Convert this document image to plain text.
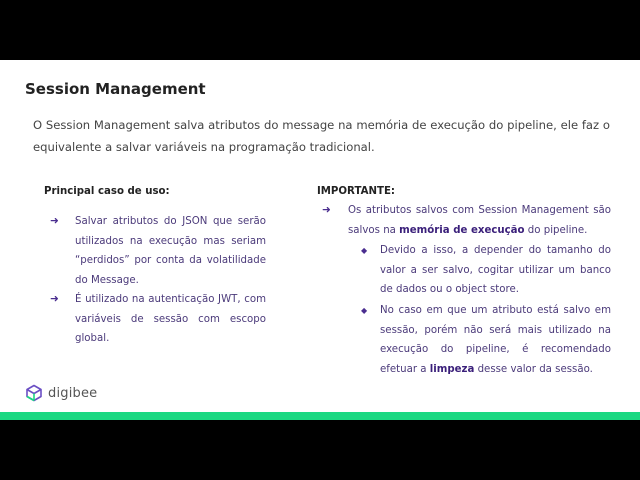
Session Management

O Session Management salva atributos do message na memória de execução do pipeline, ele faz o equivalente a salvar variáveis na programação tradicional.

Principal caso de uso:

➜ Salvar atributos do JSON que serão utilizados na execução mas seriam “perdidos” por conta da volatilidade do Message.
➜ É utilizado na autenticação JWT, com variáveis de sessão com escopo global.

IMPORTANTE:

➜ Os atributos salvos com Session Management são salvos na memória de execução do pipeline.
◆ Devido a isso, a depender do tamanho do valor a ser salvo, cogitar utilizar um banco de dados ou o object store.
◆ No caso em que um atributo está salvo em sessão, porém não será mais utilizado na execução do pipeline, é recomendado efetuar a limpeza desse valor da sessão.
digibee
